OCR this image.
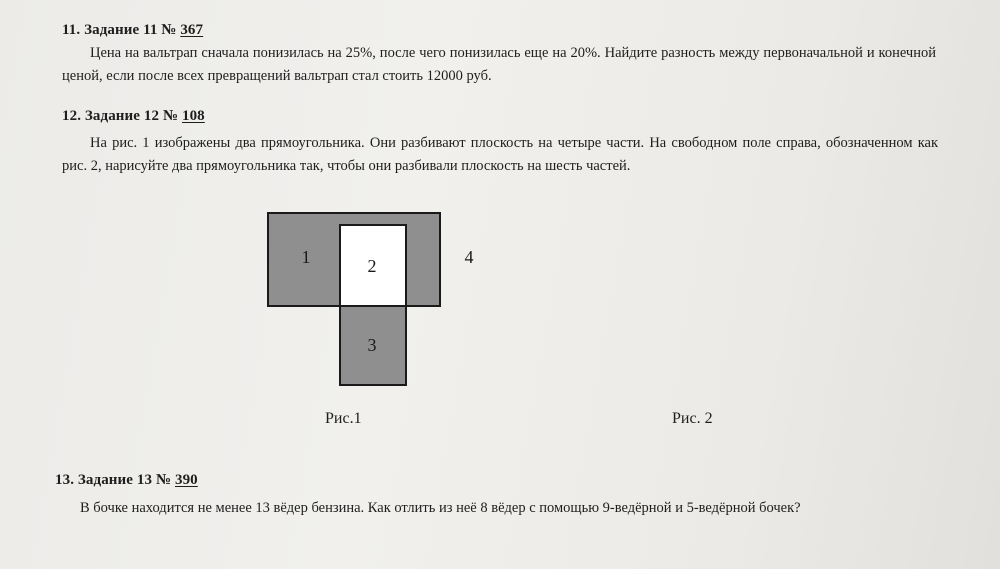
11. Задание 11 № 367

Цена на вальтрап сначала понизилась на 25%, после чего понизилась еще на 20%. Найдите разность между первоначальной и конечной ценой, если после всех превращений вальтрап стал стоить 12000 руб.

12. Задание 12 № 108

На рис. 1 изображены два прямоугольника. Они разбивают плоскость на четыре части. На свободном поле справа, обозначенном как рис. 2, нарисуйте два прямоугольника так, чтобы они разбивали плоскость на шесть частей.

1	2
3
4
Рис.1	Рис. 2
13. Задание 13 № 390

В бочке находится не менее 13 вёдер бензина. Как отлить из неё 8 вёдер с помощью 9-ведёрной и 5-ведёрной бочек?
